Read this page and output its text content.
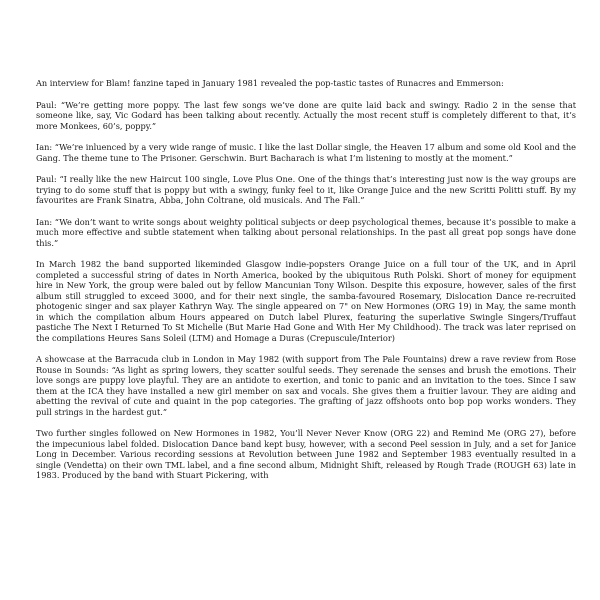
An interview for Blam! fanzine taped in January 1981 revealed the pop-tastic tastes of Runacres and Emmerson:

Paul: “We’re getting more poppy. The last few songs we’ve done are quite laid back and swingy. Radio 2 in the sense that someone like, say, Vic Godard has been talking about recently. Actually the most recent stuff is completely different to that, it’s more Monkees, 60’s, poppy.”

Ian: “We’re inluenced by a very wide range of music. I like the last Dollar single, the Heaven 17 album and some old Kool and the Gang. The theme tune to The Prisoner. Gerschwin. Burt Bacharach is what I’m listening to mostly at the moment.”

Paul: “I really like the new Haircut 100 single, Love Plus One. One of the things that’s interesting just now is the way groups are trying to do some stuff that is poppy but with a swingy, funky feel to it, like Orange Juice and the new Scritti Politti stuff. By my favourites are Frank Sinatra, Abba, John Coltrane, old musicals. And The Fall.”

Ian: “We don’t want to write songs about weighty political subjects or deep psychological themes, because it’s possible to make a much more effective and subtle statement when talking about personal relationships. In the past all great pop songs have done this.”

In March 1982 the band supported likeminded Glasgow indie-popsters Orange Juice on a full tour of the UK, and in April completed a successful string of dates in North America, booked by the ubiquitous Ruth Polski. Short of money for equipment hire in New York, the group were baled out by fellow Mancunian Tony Wilson. Despite this exposure, however, sales of the first album still struggled to exceed 3000, and for their next single, the samba-favoured Rosemary, Dislocation Dance re-recruited photogenic singer and sax player Kathryn Way. The single appeared on 7" on New Hormones (ORG 19) in May, the same month in which the compilation album Hours appeared on Dutch label Plurex, featuring the superlative Swingle Singers/Truffaut pastiche The Next I Returned To St Michelle (But Marie Had Gone and With Her My Childhood). The track was later reprised on the compilations Heures Sans Soleil (LTM) and Homage a Duras (Crepuscule/Interior)

A showcase at the Barracuda club in London in May 1982 (with support from The Pale Fountains) drew a rave review from Rose Rouse in Sounds: “As light as spring lowers, they scatter soulful seeds. They serenade the senses and brush the emotions. Their love songs are puppy love playful. They are an antidote to exertion, and tonic to panic and an invitation to the toes. Since I saw them at the ICA they have installed a new girl member on sax and vocals. She gives them a fruitier lavour. They are aiding and abetting the revival of cute and quaint in the pop categories. The grafting of jazz offshoots onto bop pop works wonders. They pull strings in the hardest gut.”

Two further singles followed on New Hormones in 1982, You’ll Never Never Know (ORG 22) and Remind Me (ORG 27), before the impecunious label folded. Dislocation Dance band kept busy, however, with a second Peel session in July, and a set for Janice Long in December. Various recording sessions at Revolution between June 1982 and September 1983 eventually resulted in a single (Vendetta) on their own TML label, and a fine second album, Midnight Shift, released by Rough Trade (ROUGH 63) late in 1983. Produced by the band with Stuart Pickering, with
